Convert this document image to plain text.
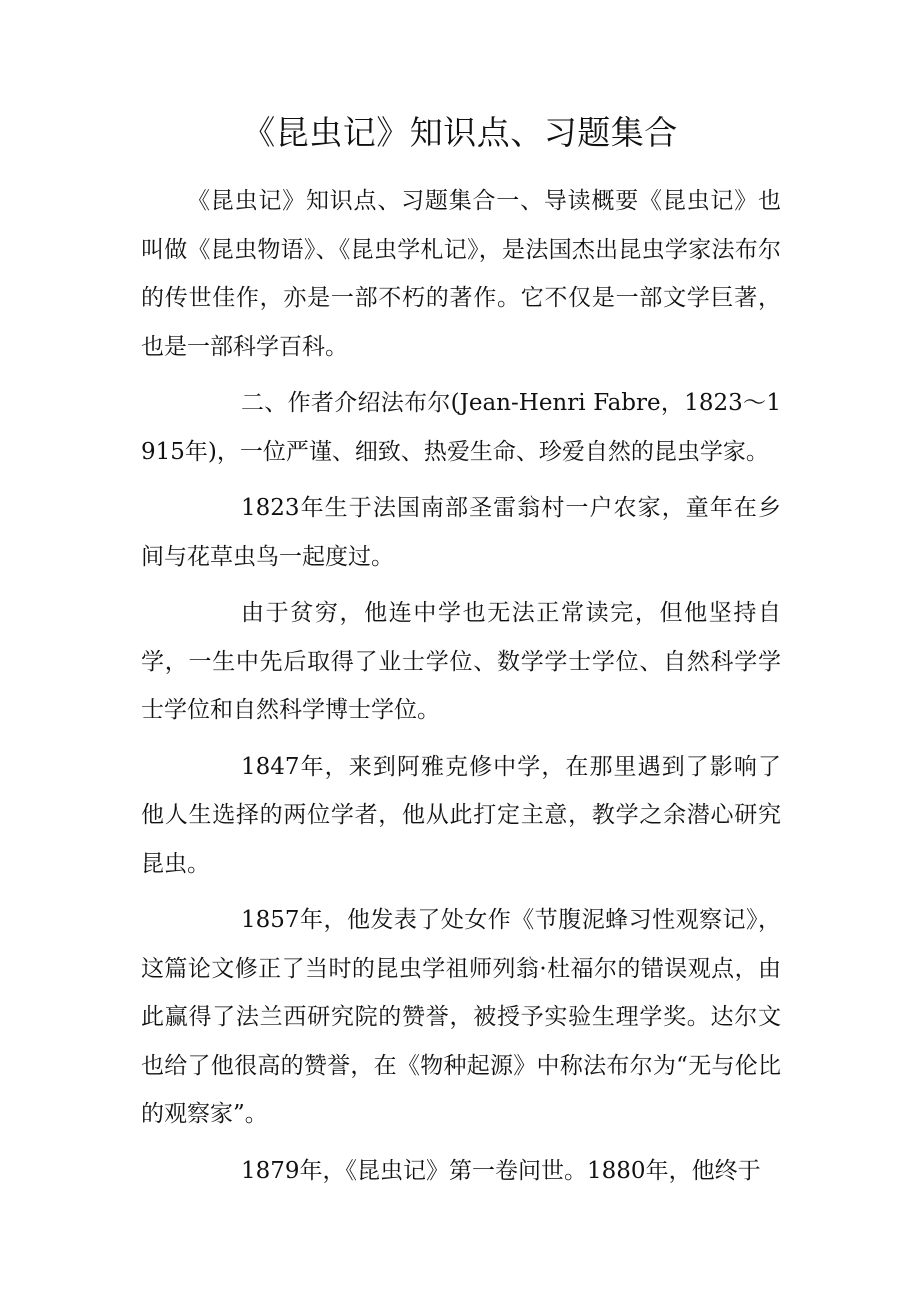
《昆虫记》知识点、习题集合

《昆虫记》知识点、习题集合一、导读概要《昆虫记》也叫做《昆虫物语》、《昆虫学札记》，是法国杰出昆虫学家法布尔的传世佳作，亦是一部不朽的著作。它不仅是一部文学巨著，也是一部科学百科。

二、作者介绍法布尔(Jean-Henri Fabre，1823～1915年)，一位严谨、细致、热爱生命、珍爱自然的昆虫学家。

1823年生于法国南部圣雷翁村一户农家，童年在乡间与花草虫鸟一起度过。

由于贫穷，他连中学也无法正常读完，但他坚持自学，一生中先后取得了业士学位、数学学士学位、自然科学学士学位和自然科学博士学位。

1847年，来到阿雅克修中学，在那里遇到了影响了他人生选择的两位学者，他从此打定主意，教学之余潜心研究昆虫。

1857年，他发表了处女作《节腹泥蜂习性观察记》，这篇论文修正了当时的昆虫学祖师列翁·杜福尔的错误观点，由此赢得了法兰西研究院的赞誉，被授予实验生理学奖。达尔文也给了他很高的赞誉，在《物种起源》中称法布尔为“无与伦比的观察家”。

1879年，《昆虫记》第一卷问世。1880年，他终于
